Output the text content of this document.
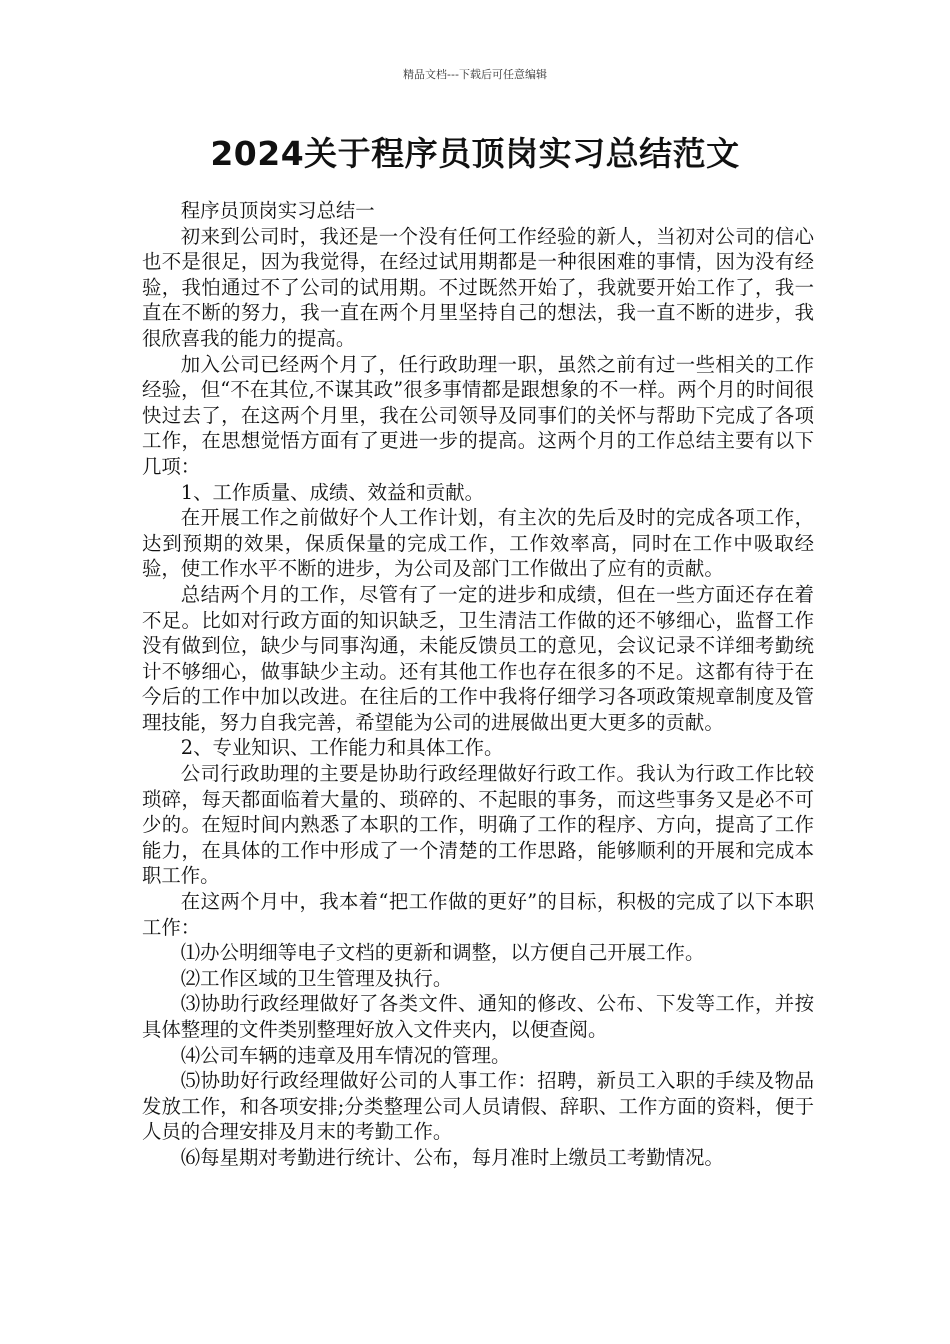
精品文档---下载后可任意编辑
2024关于程序员顶岗实习总结范文

程序员顶岗实习总结一

初来到公司时，我还是一个没有任何工作经验的新人，当初对公司的信心也不是很足，因为我觉得，在经过试用期都是一种很困难的事情，因为没有经验，我怕通过不了公司的试用期。不过既然开始了，我就要开始工作了，我一直在不断的努力，我一直在两个月里坚持自己的想法，我一直不断的进步，我很欣喜我的能力的提高。

加入公司已经两个月了，任行政助理一职，虽然之前有过一些相关的工作经验，但“不在其位,不谋其政”很多事情都是跟想象的不一样。两个月的时间很快过去了，在这两个月里，我在公司领导及同事们的关怀与帮助下完成了各项工作，在思想觉悟方面有了更进一步的提高。这两个月的工作总结主要有以下几项：

1、工作质量、成绩、效益和贡献。

在开展工作之前做好个人工作计划，有主次的先后及时的完成各项工作，达到预期的效果，保质保量的完成工作，工作效率高，同时在工作中吸取经验，使工作水平不断的进步，为公司及部门工作做出了应有的贡献。

总结两个月的工作，尽管有了一定的进步和成绩，但在一些方面还存在着不足。比如对行政方面的知识缺乏，卫生清洁工作做的还不够细心，监督工作没有做到位，缺少与同事沟通，未能反馈员工的意见，会议记录不详细考勤统计不够细心，做事缺少主动。还有其他工作也存在很多的不足。这都有待于在今后的工作中加以改进。在往后的工作中我将仔细学习各项政策规章制度及管理技能，努力自我完善，希望能为公司的进展做出更大更多的贡献。

2、专业知识、工作能力和具体工作。

公司行政助理的主要是协助行政经理做好行政工作。我认为行政工作比较琐碎，每天都面临着大量的、琐碎的、不起眼的事务，而这些事务又是必不可少的。在短时间内熟悉了本职的工作，明确了工作的程序、方向，提高了工作能力，在具体的工作中形成了一个清楚的工作思路，能够顺利的开展和完成本职工作。

在这两个月中，我本着“把工作做的更好”的目标，积极的完成了以下本职工作：

⑴办公明细等电子文档的更新和调整，以方便自己开展工作。

⑵工作区域的卫生管理及执行。

⑶协助行政经理做好了各类文件、通知的修改、公布、下发等工作，并按具体整理的文件类别整理好放入文件夹内，以便查阅。

⑷公司车辆的违章及用车情况的管理。

⑸协助好行政经理做好公司的人事工作：招聘，新员工入职的手续及物品发放工作，和各项安排;分类整理公司人员请假、辞职、工作方面的资料，便于人员的合理安排及月末的考勤工作。

⑹每星期对考勤进行统计、公布，每月准时上缴员工考勤情况。
